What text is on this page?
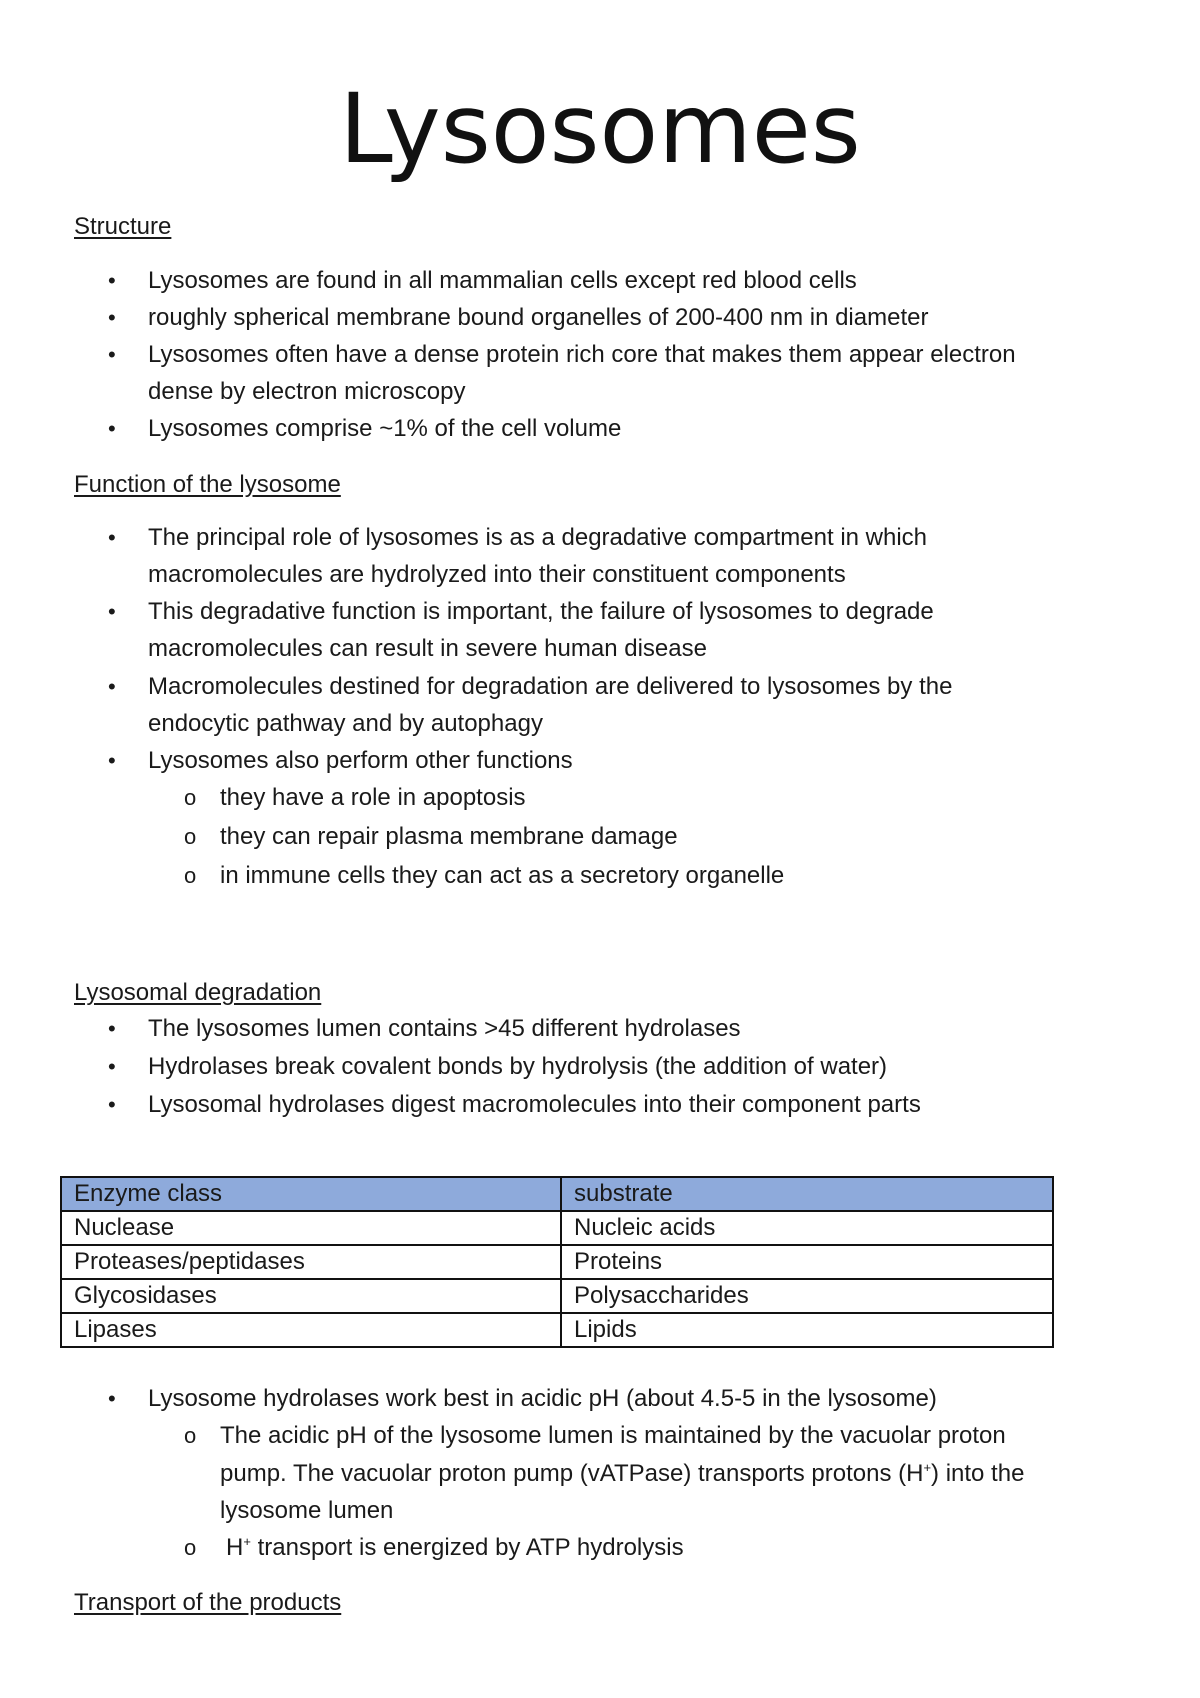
Lysosomes
Structure
• Lysosomes are found in all mammalian cells except red blood cells
• roughly spherical membrane bound organelles of 200-400 nm in diameter
• Lysosomes often have a dense protein rich core that makes them appear electron
dense by electron microscopy
• Lysosomes comprise ~1% of the cell volume
Function of the lysosome
• The principal role of lysosomes is as a degradative compartment in which
macromolecules are hydrolyzed into their constituent components
• This degradative function is important, the failure of lysosomes to degrade
macromolecules can result in severe human disease
• Macromolecules destined for degradation are delivered to lysosomes by the
endocytic pathway and by autophagy
• Lysosomes also perform other functions
o they have a role in apoptosis
o they can repair plasma membrane damage
o in immune cells they can act as a secretory organelle
Lysosomal degradation
• The lysosomes lumen contains >45 different hydrolases
• Hydrolases break covalent bonds by hydrolysis (the addition of water)
• Lysosomal hydrolases digest macromolecules into their component parts
Enzyme class	substrate
Nuclease	Nucleic acids
Proteases/peptidases	Proteins
Glycosidases	Polysaccharides
Lipases	Lipids
• Lysosome hydrolases work best in acidic pH (about 4.5-5 in the lysosome)
o The acidic pH of the lysosome lumen is maintained by the vacuolar proton
pump. The vacuolar proton pump (vATPase) transports protons (H+) into the
lysosome lumen
o H+ transport is energized by ATP hydrolysis
Transport of the products
